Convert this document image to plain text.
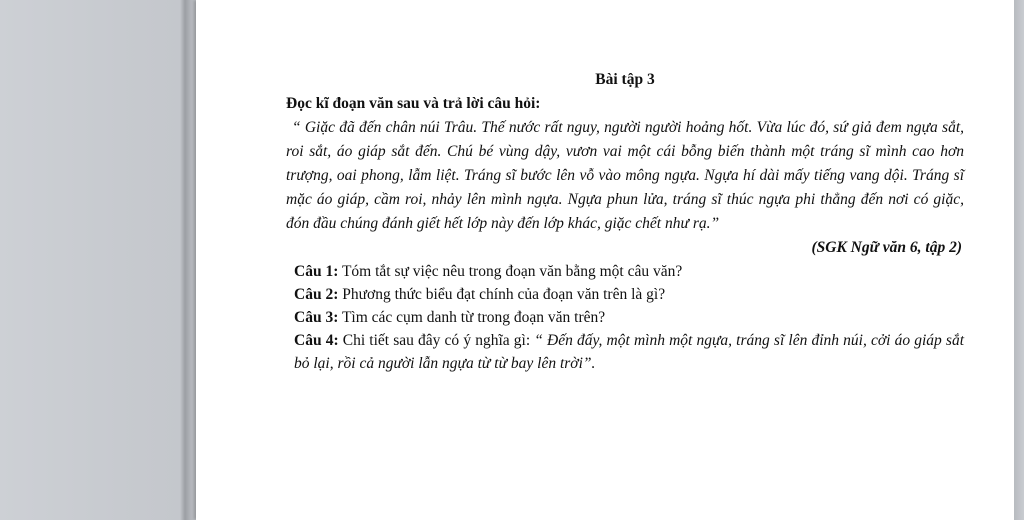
Bài tập 3

Đọc kĩ đoạn văn sau và trả lời câu hỏi:

“ Giặc đã đến chân núi Trâu. Thế nước rất nguy, người người hoảng hốt. Vừa lúc đó, sứ giả đem ngựa sắt, roi sắt, áo giáp sắt đến. Chú bé vùng dậy, vươn vai một cái bỗng biến thành một tráng sĩ mình cao hơn trượng, oai phong, lẫm liệt. Tráng sĩ bước lên vỗ vào mông ngựa. Ngựa hí dài mấy tiếng vang dội. Tráng sĩ mặc áo giáp, cầm roi, nhảy lên mình ngựa. Ngựa phun lửa, tráng sĩ thúc ngựa phi thẳng đến nơi có giặc, đón đầu chúng đánh giết hết lớp này đến lớp khác, giặc chết như rạ.”

(SGK Ngữ văn 6, tập 2)

Câu 1: Tóm tắt sự việc nêu trong đoạn văn bằng một câu văn?

Câu 2: Phương thức biểu đạt chính của đoạn văn trên là gì?

Câu 3: Tìm các cụm danh từ trong đoạn văn trên?

Câu 4: Chi tiết sau đây có ý nghĩa gì: “ Đến đấy, một mình một ngựa, tráng sĩ lên đỉnh núi, cởi áo giáp sắt bỏ lại, rồi cả người lẫn ngựa từ từ bay lên trời”.
